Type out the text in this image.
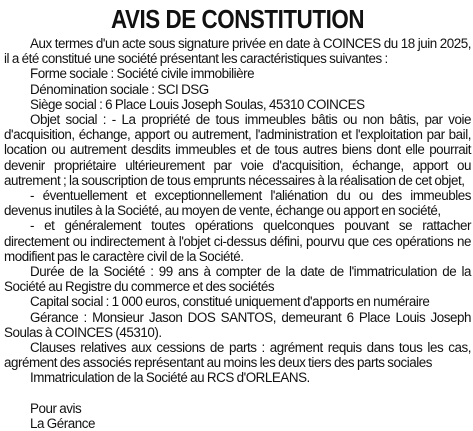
AVIS DE CONSTITUTION

Aux termes d'un acte sous signature privée en date à COINCES du 18 juin 2025, il a été constitué une société présentant les caractéristiques suivantes :

Forme sociale : Société civile immobilière

Dénomination sociale : SCI DSG

Siège social : 6 Place Louis Joseph Soulas, 45310 COINCES

Objet social : - La propriété de tous immeubles bâtis ou non bâtis, par voie d'acquisition, échange, apport ou autrement, l'administration et l'exploitation par bail, location ou autrement desdits immeubles et de tous autres biens dont elle pourrait devenir propriétaire ultérieurement par voie d'acquisition, échange, apport ou autrement ; la souscription de tous emprunts nécessaires à la réalisation de cet objet,

- éventuellement et exceptionnellement l'aliénation du ou des immeubles devenus inutiles à la Société, au moyen de vente, échange ou apport en société,

- et généralement toutes opérations quelconques pouvant se rattacher directement ou indirectement à l'objet ci-dessus défini, pourvu que ces opérations ne modifient pas le caractère civil de la Société.

Durée de la Société : 99 ans à compter de la date de l'immatriculation de la Société au Registre du commerce et des sociétés

Capital social : 1 000 euros, constitué uniquement d'apports en numéraire

Gérance : Monsieur Jason DOS SANTOS, demeurant 6 Place Louis Joseph Soulas à COINCES (45310).

Clauses relatives aux cessions de parts : agrément requis dans tous les cas, agrément des associés représentant au moins les deux tiers des parts sociales

Immatriculation de la Société au RCS d'ORLEANS.

Pour avis

La Gérance
